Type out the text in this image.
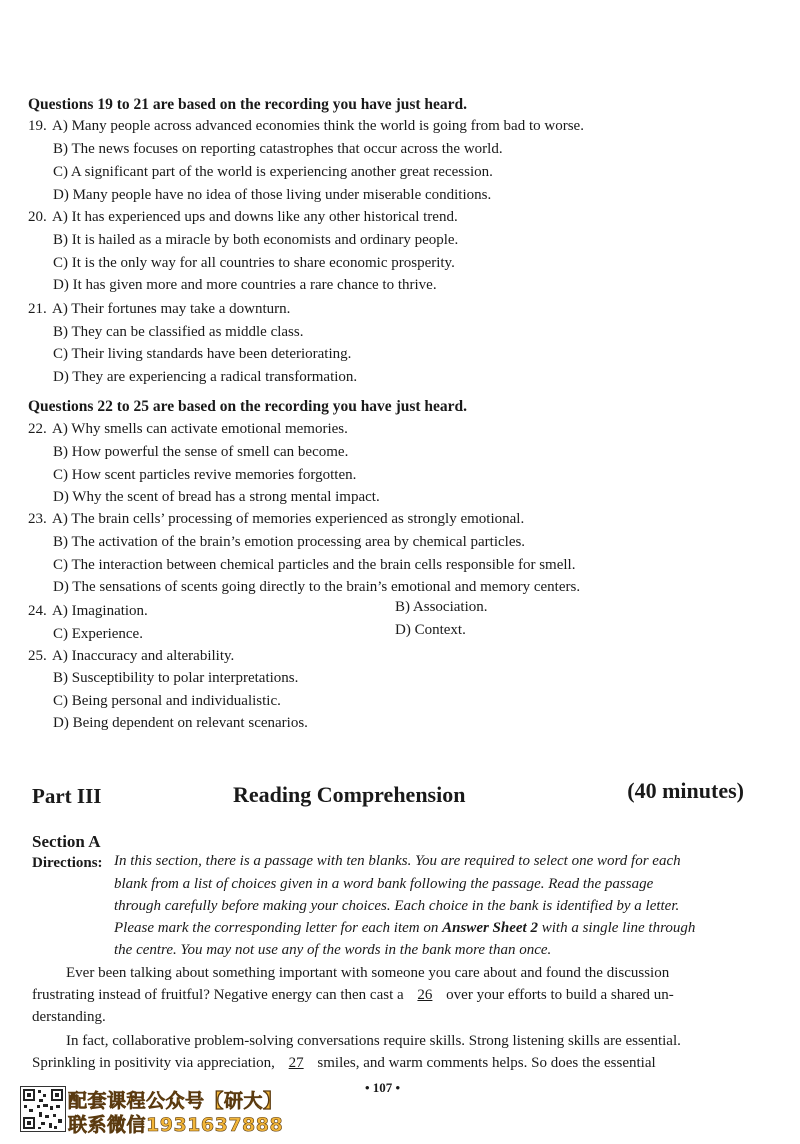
Questions 19 to 21 are based on the recording you have just heard.
19. A) Many people across advanced economies think the world is going from bad to worse.
B) The news focuses on reporting catastrophes that occur across the world.
C) A significant part of the world is experiencing another great recession.
D) Many people have no idea of those living under miserable conditions.
20. A) It has experienced ups and downs like any other historical trend.
B) It is hailed as a miracle by both economists and ordinary people.
C) It is the only way for all countries to share economic prosperity.
D) It has given more and more countries a rare chance to thrive.
21. A) Their fortunes may take a downturn.
B) They can be classified as middle class.
C) Their living standards have been deteriorating.
D) They are experiencing a radical transformation.
Questions 22 to 25 are based on the recording you have just heard.
22. A) Why smells can activate emotional memories.
B) How powerful the sense of smell can become.
C) How scent particles revive memories forgotten.
D) Why the scent of bread has a strong mental impact.
23. A) The brain cells’ processing of memories experienced as strongly emotional.
B) The activation of the brain’s emotion processing area by chemical particles.
C) The interaction between chemical particles and the brain cells responsible for smell.
D) The sensations of scents going directly to the brain’s emotional and memory centers.
24. A) Imagination.	B) Association.
C) Experience.	D) Context.
25. A) Inaccuracy and alterability.
B) Susceptibility to polar interpretations.
C) Being personal and individualistic.
D) Being dependent on relevant scenarios.
Part III	Reading Comprehension	(40 minutes)
Section A
Directions: In this section, there is a passage with ten blanks. You are required to select one word for each
blank from a list of choices given in a word bank following the passage. Read the passage
through carefully before making your choices. Each choice in the bank is identified by a letter.
Please mark the corresponding letter for each item on Answer Sheet 2 with a single line through
the centre. You may not use any of the words in the bank more than once.
Ever been talking about something important with someone you care about and found the discussion
frustrating instead of fruitful? Negative energy can then cast a 26 over your efforts to build a shared un-
derstanding.
In fact, collaborative problem-solving conversations require skills. Strong listening skills are essential.
Sprinkling in positivity via appreciation, 27 smiles, and warm comments helps. So does the essential
• 107 •
配套课程公众号【研大】
联系微信1931637888
